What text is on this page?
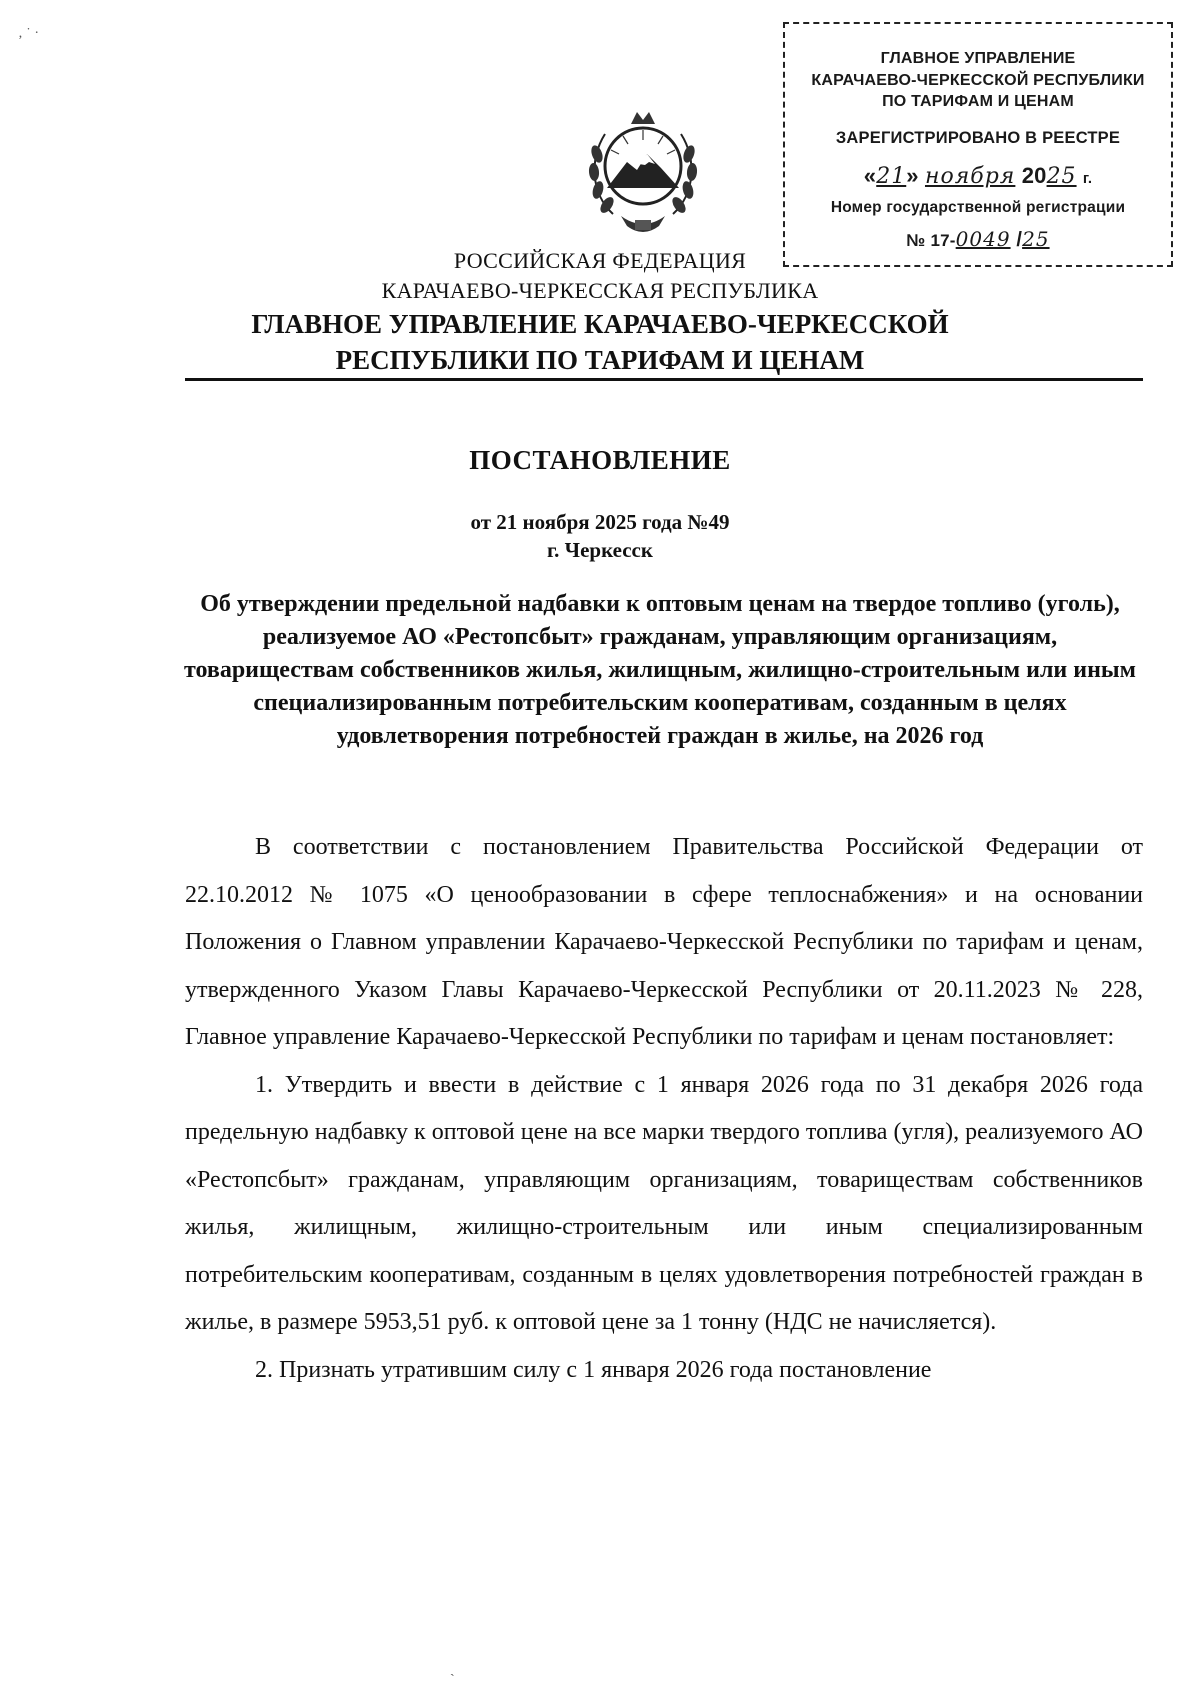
‚ ˙ ·
ГЛАВНОЕ УПРАВЛЕНИЕ
КАРАЧАЕВО-ЧЕРКЕССКОЙ РЕСПУБЛИКИ
ПО ТАРИФАМ И ЦЕНАМ
ЗАРЕГИСТРИРОВАНО В РЕЕСТРЕ
«21» ноября 2025 г.
Номер государственной регистрации
№ 17-0049 /25
РОССИЙСКАЯ ФЕДЕРАЦИЯ
КАРАЧАЕВО-ЧЕРКЕССКАЯ РЕСПУБЛИКА
ГЛАВНОЕ УПРАВЛЕНИЕ КАРАЧАЕВО-ЧЕРКЕССКОЙ
РЕСПУБЛИКИ ПО ТАРИФАМ И ЦЕНАМ
ПОСТАНОВЛЕНИЕ
от 21 ноября 2025 года №49
г. Черкесск
Об утверждении предельной надбавки к оптовым ценам на твердое топливо (уголь), реализуемое АО «Рестопсбыт» гражданам, управляющим организациям, товариществам собственников жилья, жилищным, жилищно-строительным или иным специализированным потребительским кооперативам, созданным в целях удовлетворения потребностей граждан в жилье, на 2026 год

В соответствии с постановлением Правительства Российской Федерации от 22.10.2012 № 1075 «О ценообразовании в сфере теплоснабжения» и на основании Положения о Главном управлении Карачаево-Черкесской Республики по тарифам и ценам, утвержденного Указом Главы Карачаево-Черкесской Республики от 20.11.2023 № 228, Главное управление Карачаево-Черкесской Республики по тарифам и ценам постановляет:

1. Утвердить и ввести в действие с 1 января 2026 года по 31 декабря 2026 года предельную надбавку к оптовой цене на все марки твердого топлива (угля), реализуемого АО «Рестопсбыт» гражданам, управляющим организациям, товариществам собственников жилья, жилищным, жилищно-строительным или иным специализированным потребительским кооперативам, созданным в целях удовлетворения потребностей граждан в жилье, в размере 5953,51 руб. к оптовой цене за 1 тонну (НДС не начисляется).

2. Признать утратившим силу с 1 января 2026 года постановление

ˏ
